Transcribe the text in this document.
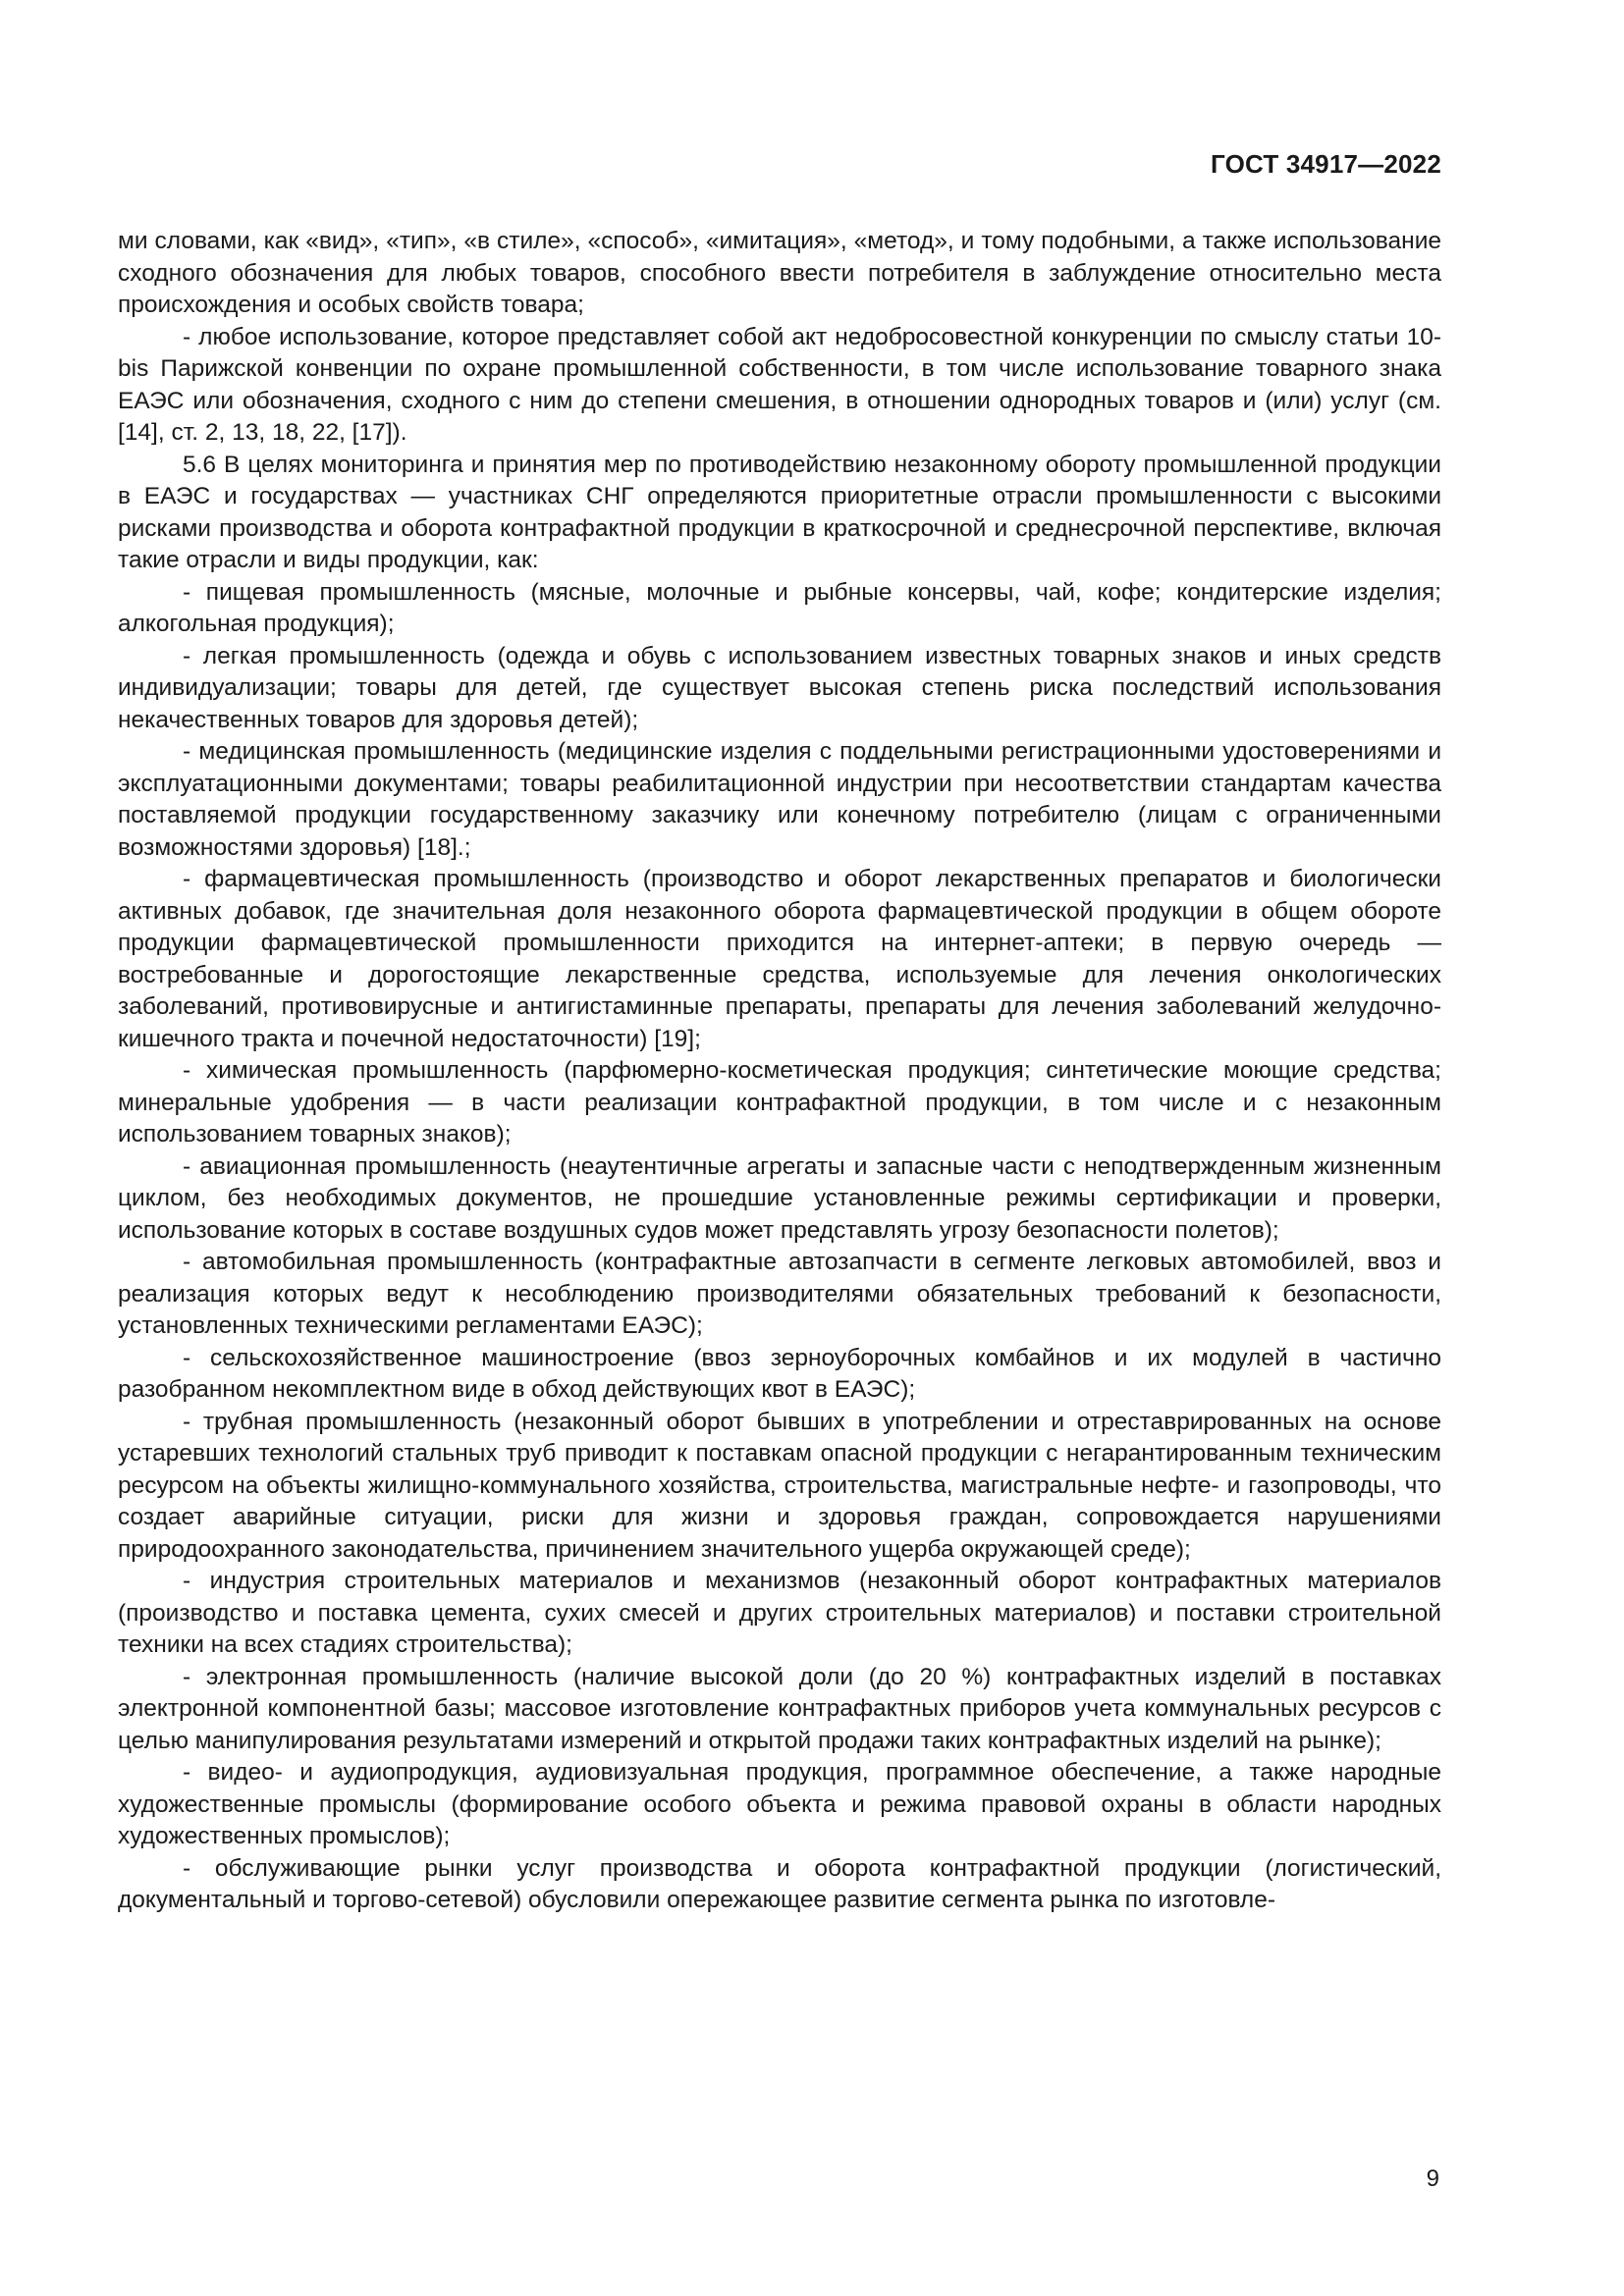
ГОСТ 34917—2022

ми словами, как «вид», «тип», «в стиле», «способ», «имитация», «метод», и тому подобными, а также использование сходного обозначения для любых товаров, способного ввести потребителя в заблуждение относительно места происхождения и особых свойств товара;

- любое использование, которое представляет собой акт недобросовестной конкуренции по смыслу статьи 10-bis Парижской конвенции по охране промышленной собственности, в том числе использование товарного знака ЕАЭС или обозначения, сходного с ним до степени смешения, в отношении однородных товаров и (или) услуг (см. [14], ст. 2, 13, 18, 22, [17]).

5.6 В целях мониторинга и принятия мер по противодействию незаконному обороту промышленной продукции в ЕАЭС и государствах — участниках СНГ определяются приоритетные отрасли промышленности с высокими рисками производства и оборота контрафактной продукции в краткосрочной и среднесрочной перспективе, включая такие отрасли и виды продукции, как:

- пищевая промышленность (мясные, молочные и рыбные консервы, чай, кофе; кондитерские изделия; алкогольная продукция);

- легкая промышленность (одежда и обувь с использованием известных товарных знаков и иных средств индивидуализации; товары для детей, где существует высокая степень риска последствий использования некачественных товаров для здоровья детей);

- медицинская промышленность (медицинские изделия с поддельными регистрационными удостоверениями и эксплуатационными документами; товары реабилитационной индустрии при несоответствии стандартам качества поставляемой продукции государственному заказчику или конечному потребителю (лицам с ограниченными возможностями здоровья) [18].;

- фармацевтическая промышленность (производство и оборот лекарственных препаратов и биологически активных добавок, где значительная доля незаконного оборота фармацевтической продукции в общем обороте продукции фармацевтической промышленности приходится на интернет-аптеки; в первую очередь — востребованные и дорогостоящие лекарственные средства, используемые для лечения онкологических заболеваний, противовирусные и антигистаминные препараты, препараты для лечения заболеваний желудочно-кишечного тракта и почечной недостаточности) [19];

- химическая промышленность (парфюмерно-косметическая продукция; синтетические моющие средства; минеральные удобрения — в части реализации контрафактной продукции, в том числе и с незаконным использованием товарных знаков);

- авиационная промышленность (неаутентичные агрегаты и запасные части с неподтвержденным жизненным циклом, без необходимых документов, не прошедшие установленные режимы сертификации и проверки, использование которых в составе воздушных судов может представлять угрозу безопасности полетов);

- автомобильная промышленность (контрафактные автозапчасти в сегменте легковых автомобилей, ввоз и реализация которых ведут к несоблюдению производителями обязательных требований к безопасности, установленных техническими регламентами ЕАЭС);

- сельскохозяйственное машиностроение (ввоз зерноуборочных комбайнов и их модулей в частично разобранном некомплектном виде в обход действующих квот в ЕАЭС);

- трубная промышленность (незаконный оборот бывших в употреблении и отреставрированных на основе устаревших технологий стальных труб приводит к поставкам опасной продукции с негарантированным техническим ресурсом на объекты жилищно-коммунального хозяйства, строительства, магистральные нефте- и газопроводы, что создает аварийные ситуации, риски для жизни и здоровья граждан, сопровождается нарушениями природоохранного законодательства, причинением значительного ущерба окружающей среде);

- индустрия строительных материалов и механизмов (незаконный оборот контрафактных материалов (производство и поставка цемента, сухих смесей и других строительных материалов) и поставки строительной техники на всех стадиях строительства);

- электронная промышленность (наличие высокой доли (до 20 %) контрафактных изделий в поставках электронной компонентной базы; массовое изготовление контрафактных приборов учета коммунальных ресурсов с целью манипулирования результатами измерений и открытой продажи таких контрафактных изделий на рынке);

- видео- и аудиопродукция, аудиовизуальная продукция, программное обеспечение, а также народные художественные промыслы (формирование особого объекта и режима правовой охраны в области народных художественных промыслов);

- обслуживающие рынки услуг производства и оборота контрафактной продукции (логистический, документальный и торгово-сетевой) обусловили опережающее развитие сегмента рынка по изготовле-

9
